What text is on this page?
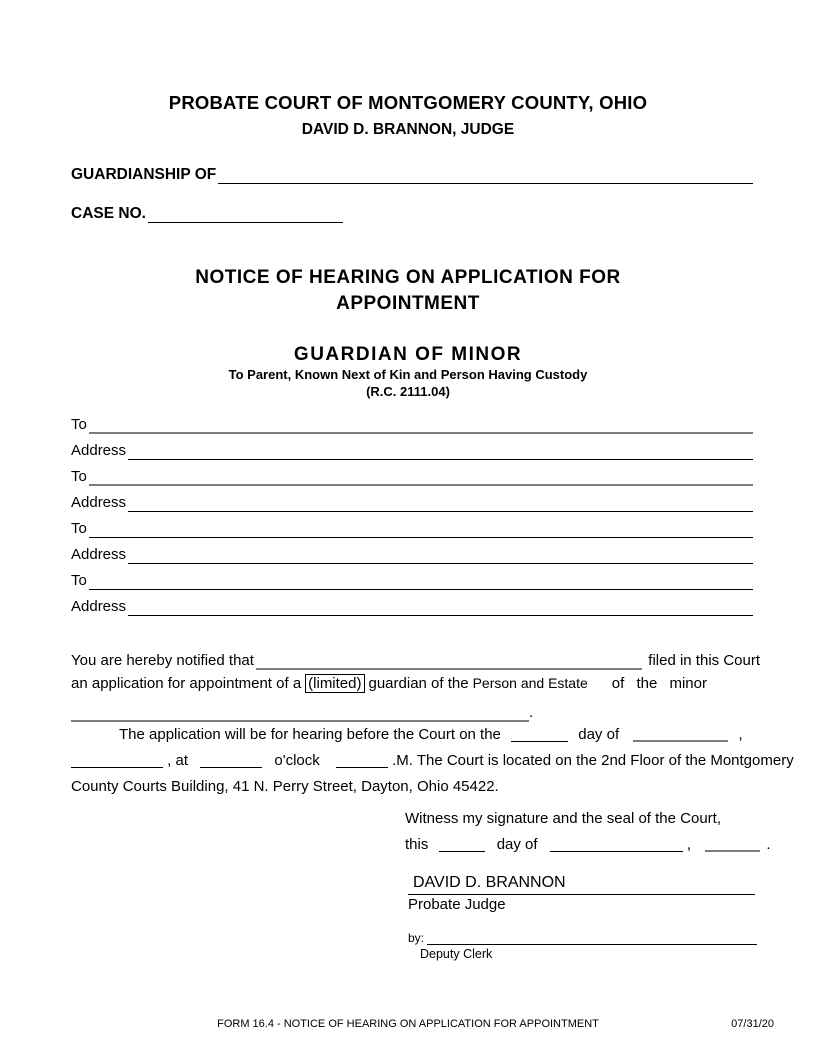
PROBATE COURT OF MONTGOMERY COUNTY, OHIO
DAVID D. BRANNON, JUDGE
GUARDIANSHIP OF
CASE NO.
NOTICE OF HEARING ON APPLICATION FOR
APPOINTMENT
GUARDIAN OF MINOR
To Parent, Known Next of Kin and Person Having Custody
(R.C. 2111.04)
To
Address
To
Address
To
Address
To
Address
You are hereby notified that	filed in this Court
an application for appointment of a (limited) guardian of the Person and Estate of the minor
.
The application will be for hearing before the Court on the	day of	,
, at	o'clock	.M. The Court is located on the 2nd Floor of the Montgomery
County Courts Building, 41 N. Perry Street, Dayton, Ohio 45422.
Witness my signature and the seal of the Court,
this	day of	,	.
DAVID D. BRANNON
Probate Judge
by:
Deputy Clerk
FORM 16.4 - NOTICE OF HEARING ON APPLICATION FOR APPOINTMENT	07/31/20
